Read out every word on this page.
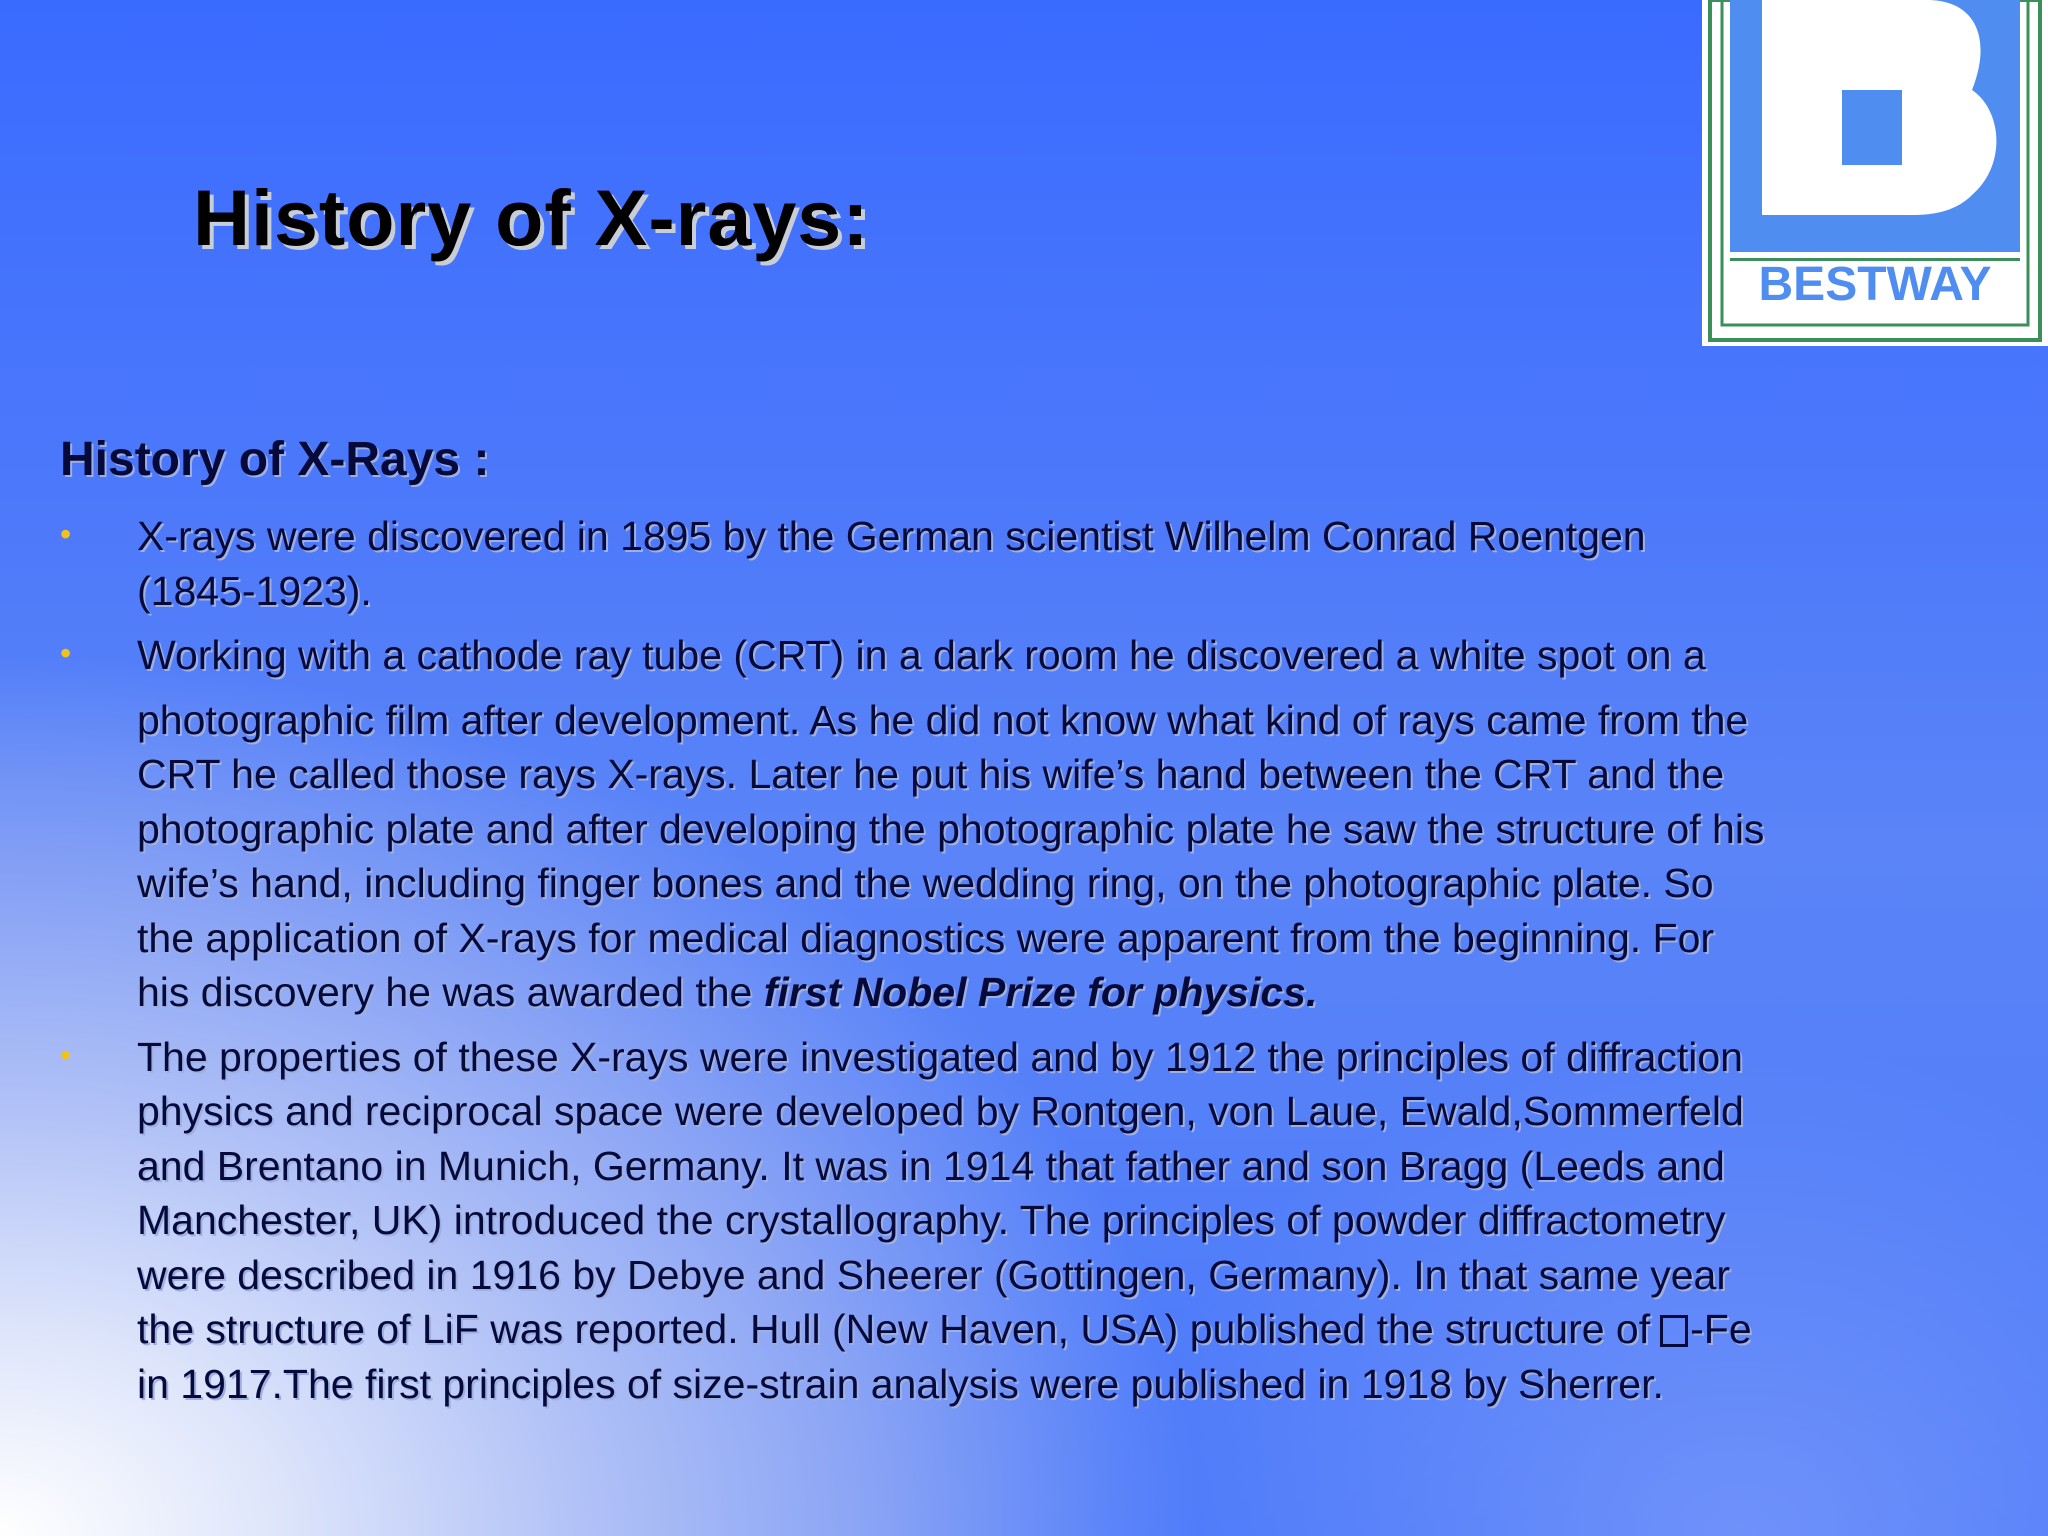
History of X-rays:
BESTWAY
History of X-Rays :
• X-rays were discovered in 1895 by the German scientist Wilhelm Conrad Roentgen
(1845-1923).
• Working with a cathode ray tube (CRT) in a dark room he discovered a white spot on a
photographic film after development. As he did not know what kind of rays came from the
CRT he called those rays X-rays. Later he put his wife’s hand between the CRT and the
photographic plate and after developing the photographic plate he saw the structure of his
wife’s hand, including finger bones and the wedding ring, on the photographic plate. So
the application of X-rays for medical diagnostics were apparent from the beginning. For
his discovery he was awarded the first Nobel Prize for physics.
• The properties of these X-rays were investigated and by 1912 the principles of diffraction
physics and reciprocal space were developed by Rontgen, von Laue, Ewald,Sommerfeld
and Brentano in Munich, Germany. It was in 1914 that father and son Bragg (Leeds and
Manchester, UK) introduced the crystallography. The principles of powder diffractometry
were described in 1916 by Debye and Sheerer (Gottingen, Germany). In that same year
the structure of LiF was reported. Hull (New Haven, USA) published the structure of -Fe
in 1917.The first principles of size-strain analysis were published in 1918 by Sherrer.
